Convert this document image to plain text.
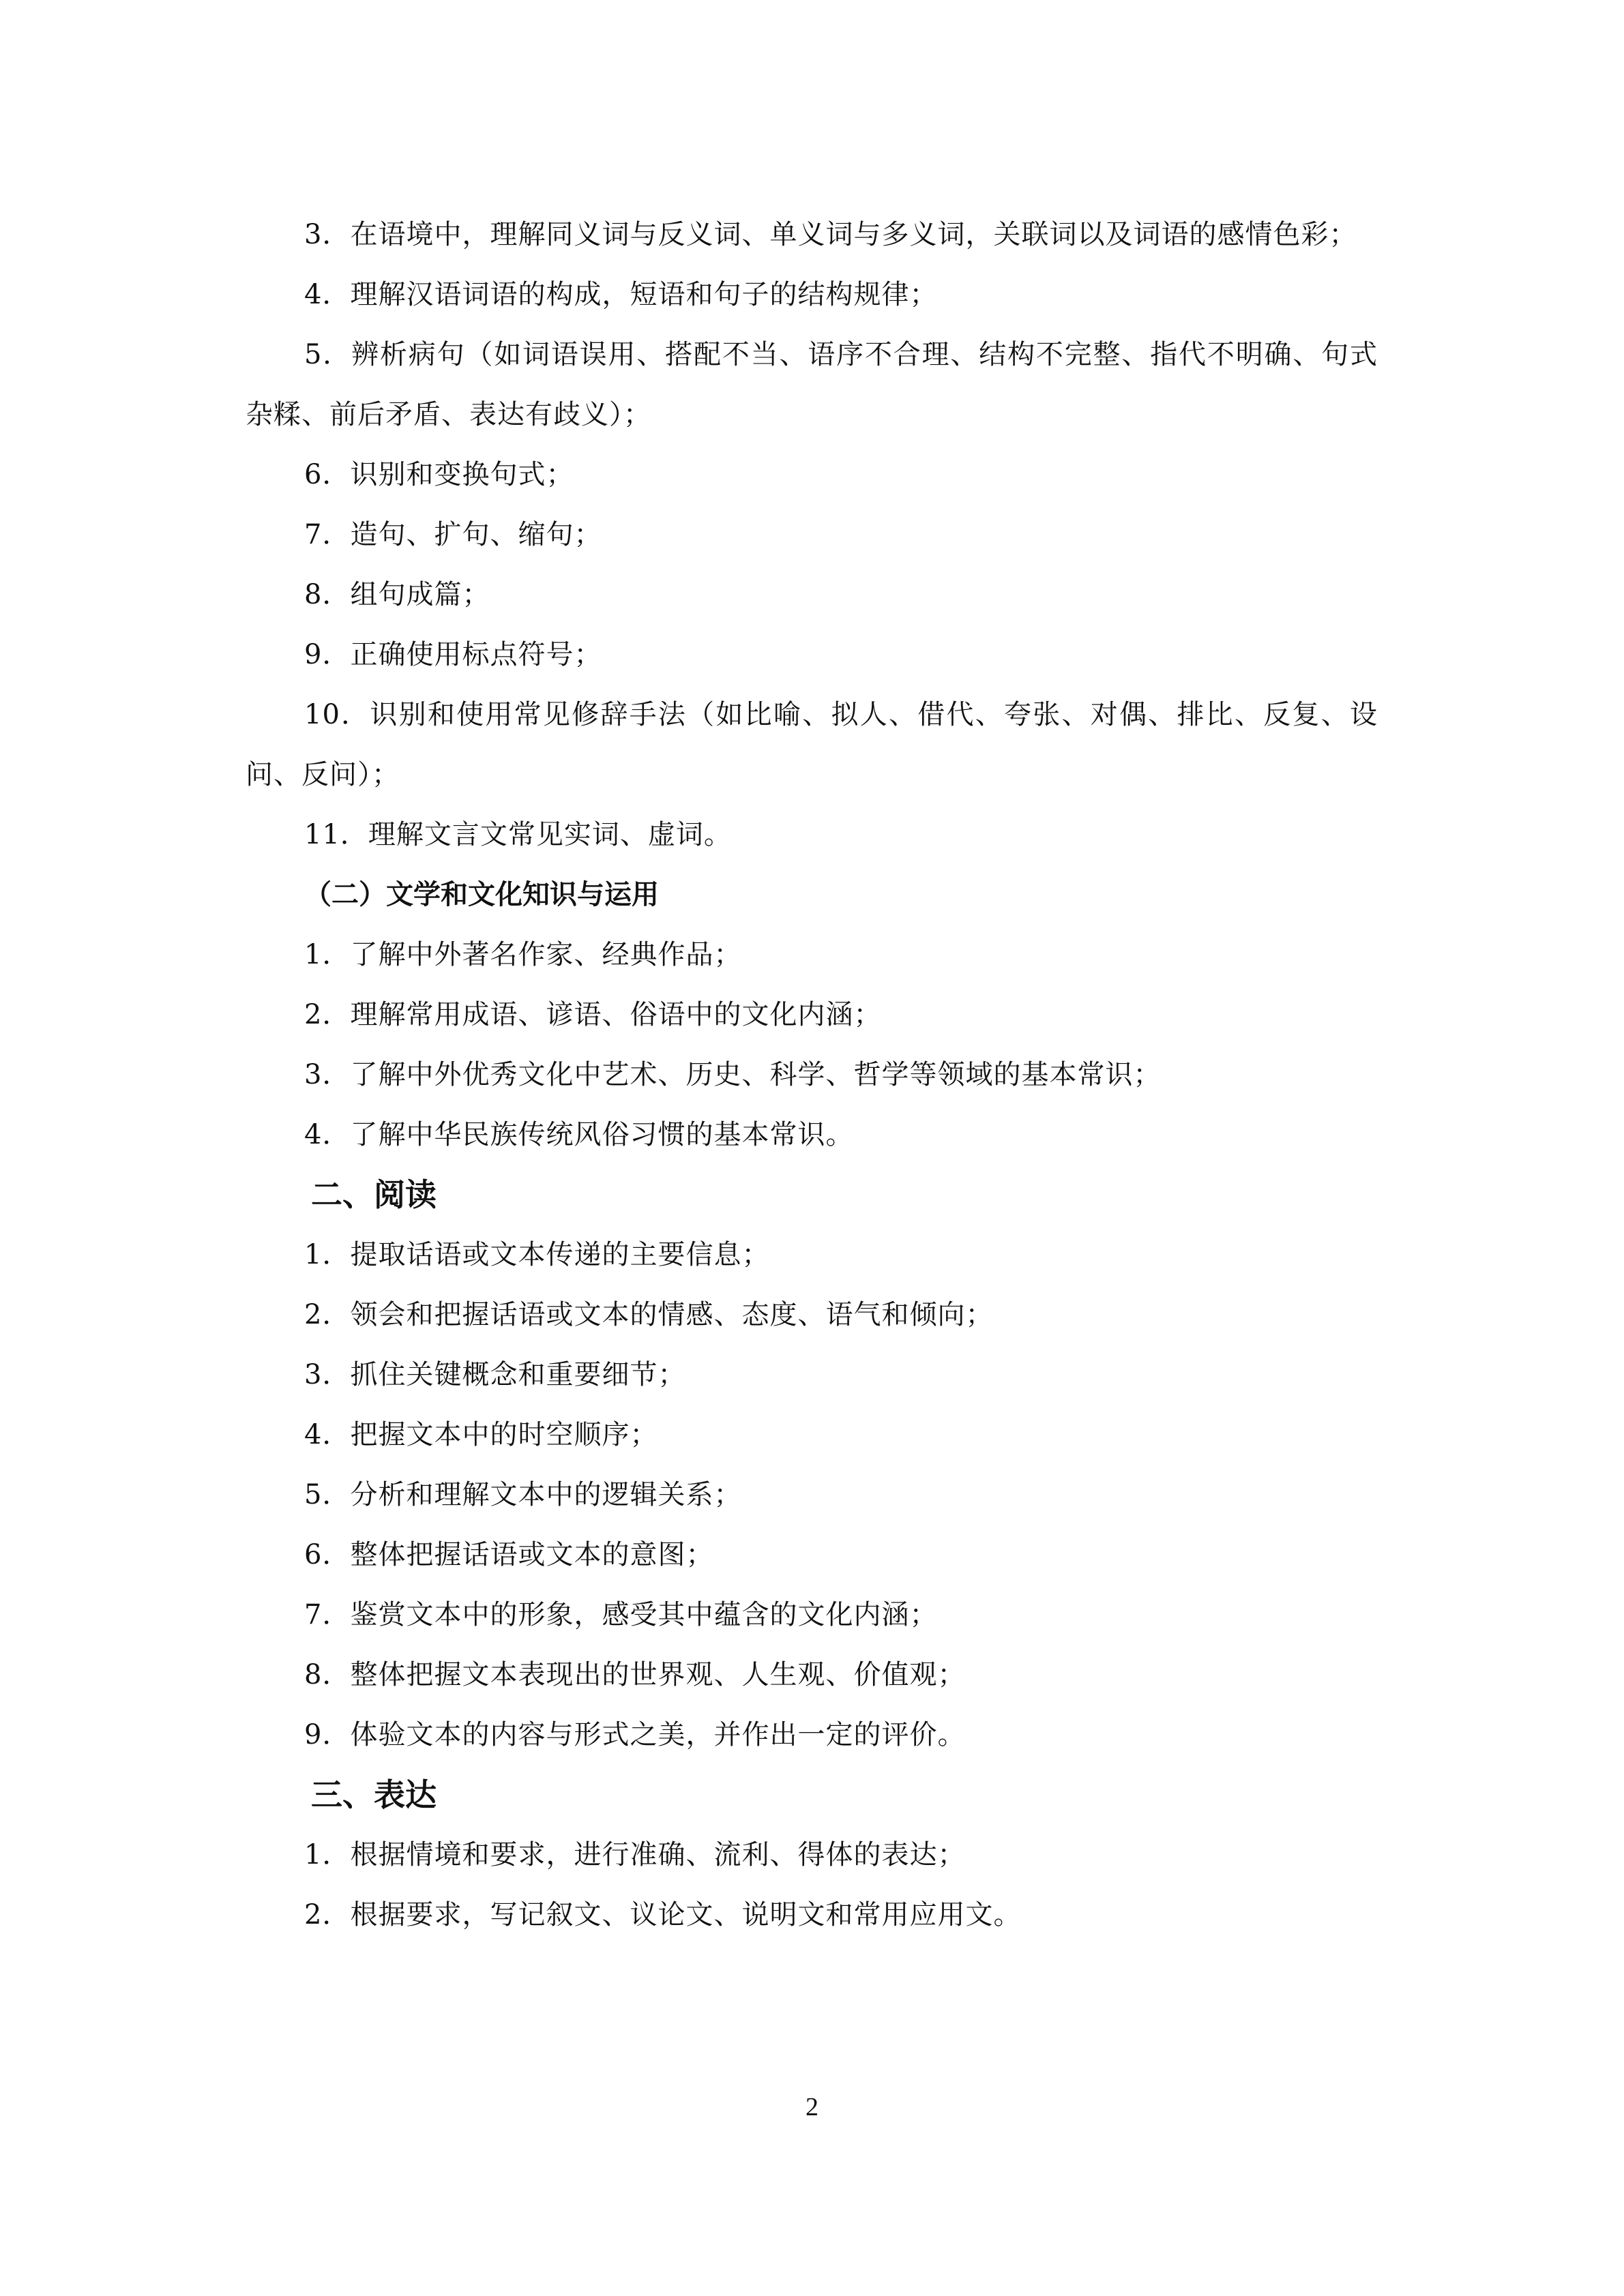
3．在语境中，理解同义词与反义词、单义词与多义词，关联词以及词语的感情色彩；
4．理解汉语词语的构成，短语和句子的结构规律；
5．辨析病句（如词语误用、搭配不当、语序不合理、结构不完整、指代不明确、句式杂糅、前后矛盾、表达有歧义）；
6．识别和变换句式；
7．造句、扩句、缩句；
8．组句成篇；
9．正确使用标点符号；
10．识别和使用常见修辞手法（如比喻、拟人、借代、夸张、对偶、排比、反复、设问、反问）；
11．理解文言文常见实词、虚词。
（二）文学和文化知识与运用
1．了解中外著名作家、经典作品；
2．理解常用成语、谚语、俗语中的文化内涵；
3．了解中外优秀文化中艺术、历史、科学、哲学等领域的基本常识；
4．了解中华民族传统风俗习惯的基本常识。
二、阅读
1．提取话语或文本传递的主要信息；
2．领会和把握话语或文本的情感、态度、语气和倾向；
3．抓住关键概念和重要细节；
4．把握文本中的时空顺序；
5．分析和理解文本中的逻辑关系；
6．整体把握话语或文本的意图；
7．鉴赏文本中的形象，感受其中蕴含的文化内涵；
8．整体把握文本表现出的世界观、人生观、价值观；
9．体验文本的内容与形式之美，并作出一定的评价。
三、表达
1．根据情境和要求，进行准确、流利、得体的表达；
2．根据要求，写记叙文、议论文、说明文和常用应用文。
2
